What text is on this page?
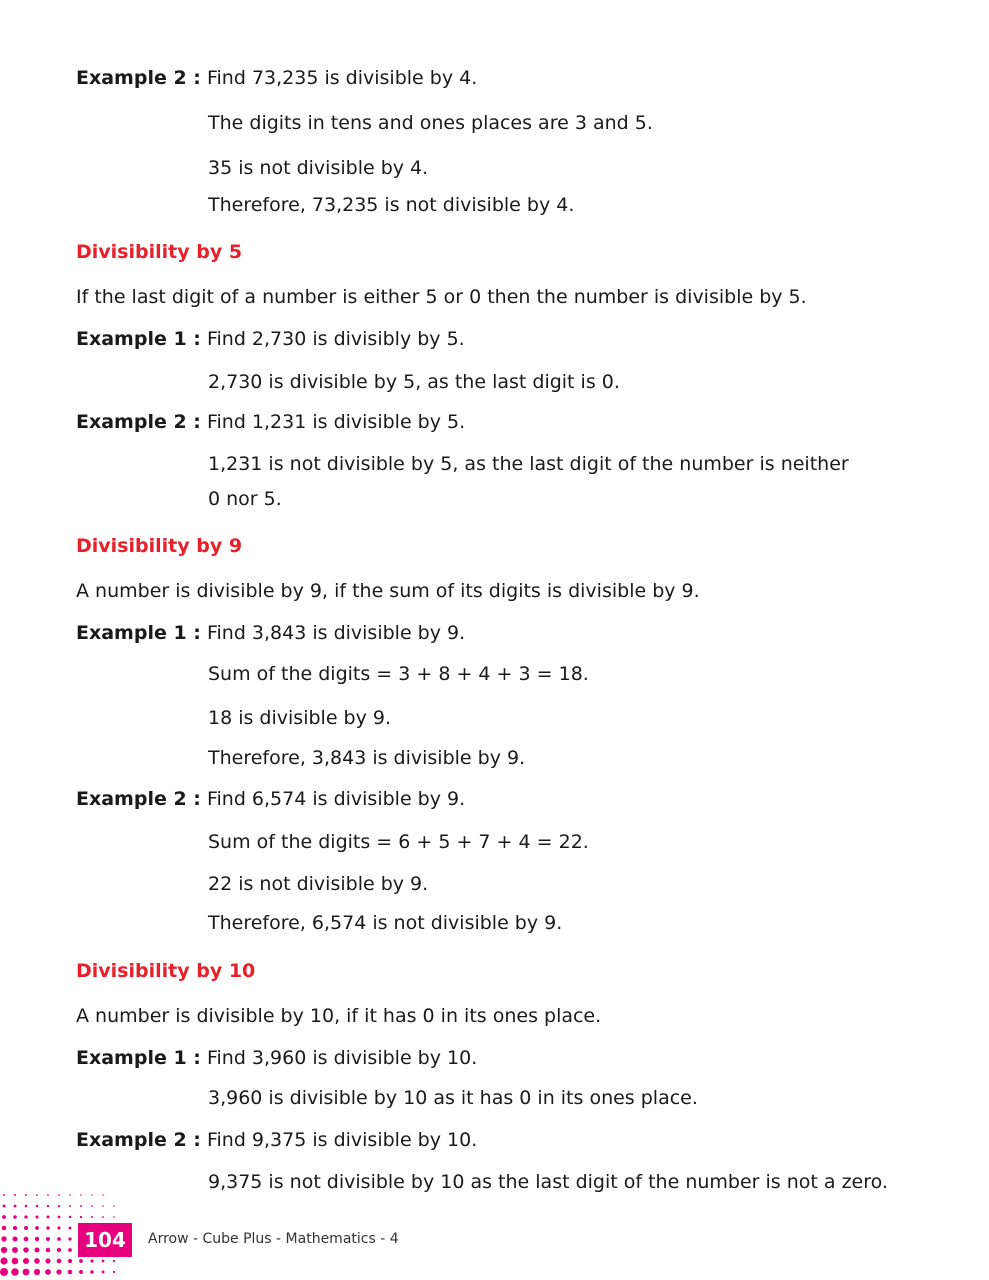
Example 2 : Find 73,235 is divisible by 4.
The digits in tens and ones places are 3 and 5.
35 is not divisible by 4.
Therefore, 73,235 is not divisible by 4.
Divisibility by 5
If the last digit of a number is either 5 or 0 then the number is divisible by 5.
Example 1 : Find 2,730 is divisibly by 5.
2,730 is divisible by 5, as the last digit is 0.
Example 2 : Find 1,231 is divisible by 5.
1,231 is not divisible by 5, as the last digit of the number is neither
0 nor 5.
Divisibility by 9
A number is divisible by 9, if the sum of its digits is divisible by 9.
Example 1 : Find 3,843 is divisible by 9.
Sum of the digits = 3 + 8 + 4 + 3 = 18.
18 is divisible by 9.
Therefore, 3,843 is divisible by 9.
Example 2 : Find 6,574 is divisible by 9.
Sum of the digits = 6 + 5 + 7 + 4 = 22.
22 is not divisible by 9.
Therefore, 6,574 is not divisible by 9.
Divisibility by 10
A number is divisible by 10, if it has 0 in its ones place.
Example 1 : Find 3,960 is divisible by 10.
3,960 is divisible by 10 as it has 0 in its ones place.
Example 2 : Find 9,375 is divisible by 10.
9,375 is not divisible by 10 as the last digit of the number is not a zero.
104	Arrow - Cube Plus - Mathematics - 4
